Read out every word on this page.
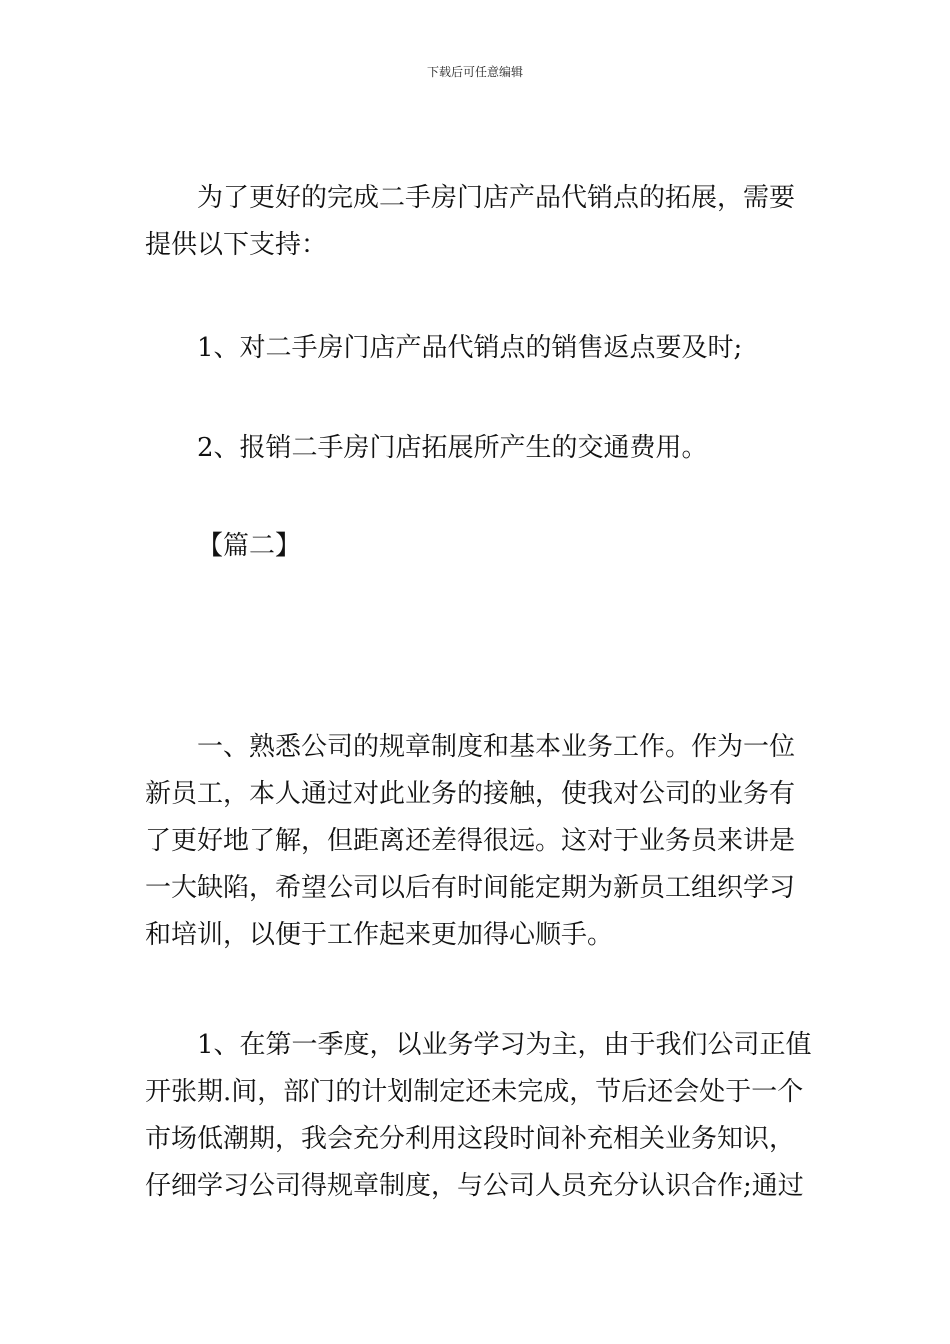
下载后可任意编辑
为了更好的完成二手房门店产品代销点的拓展，需要
提供以下支持：
1、对二手房门店产品代销点的销售返点要及时;
2、报销二手房门店拓展所产生的交通费用。
【篇二】
一、熟悉公司的规章制度和基本业务工作。作为一位
新员工，本人通过对此业务的接触，使我对公司的业务有
了更好地了解，但距离还差得很远。这对于业务员来讲是
一大缺陷，希望公司以后有时间能定期为新员工组织学习
和培训，以便于工作起来更加得心顺手。
1、在第一季度，以业务学习为主，由于我们公司正值
开张期.间，部门的计划制定还未完成，节后还会处于一个
市场低潮期，我会充分利用这段时间补充相关业务知识，
仔细学习公司得规章制度，与公司人员充分认识合作;通过
